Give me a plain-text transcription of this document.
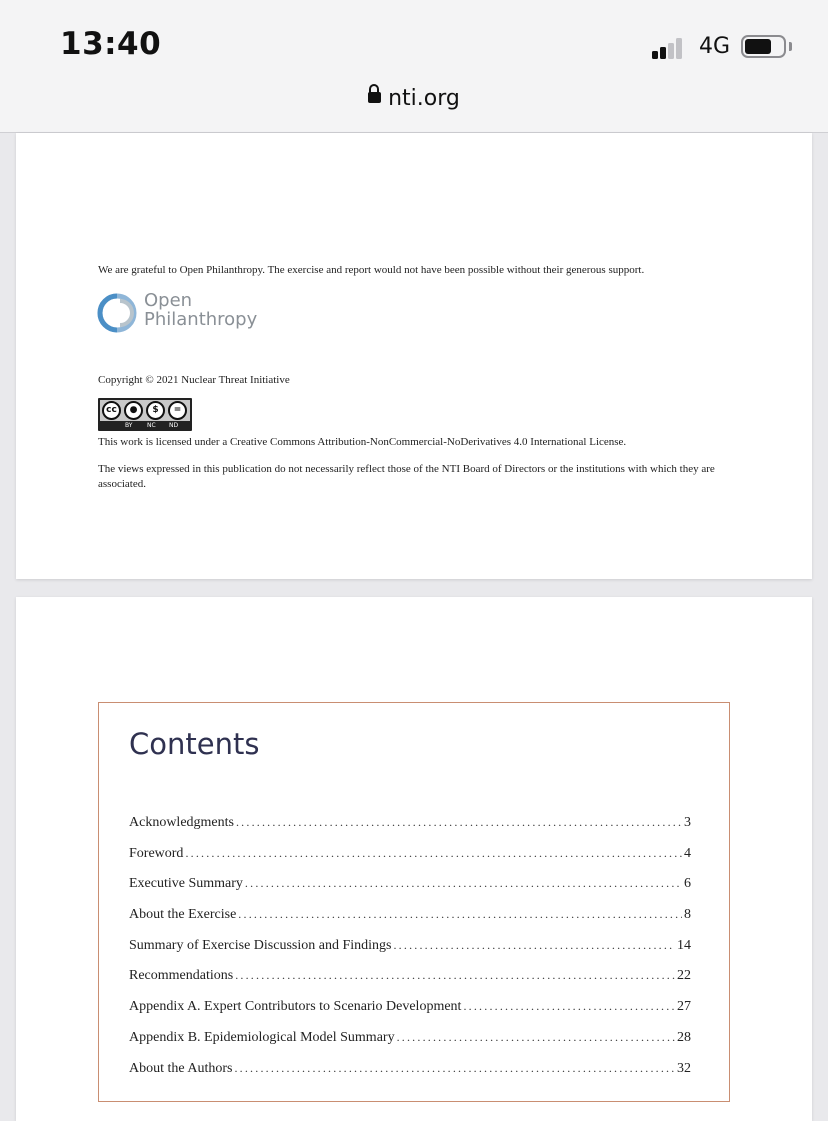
13:40	4G
nti.org
We are grateful to Open Philanthropy. The exercise and report would not have been possible without their generous support.
Open
Philanthropy
Copyright © 2021 Nuclear Threat Initiative
cc	●	$	=
BY NC ND
This work is licensed under a Creative Commons Attribution-NonCommercial-NoDerivatives 4.0 International License.
The views expressed in this publication do not necessarily reflect those of the NTI Board of Directors or the institutions with which they are associated.
Contents
Acknowledgments .....	3
Foreword .....	4
Executive Summary .....	6
About the Exercise .....	8
Summary of Exercise Discussion and Findings .....	14
Recommendations .....	22
Appendix A. Expert Contributors to Scenario Development .....	27
Appendix B. Epidemiological Model Summary .....	28
About the Authors .....	32
